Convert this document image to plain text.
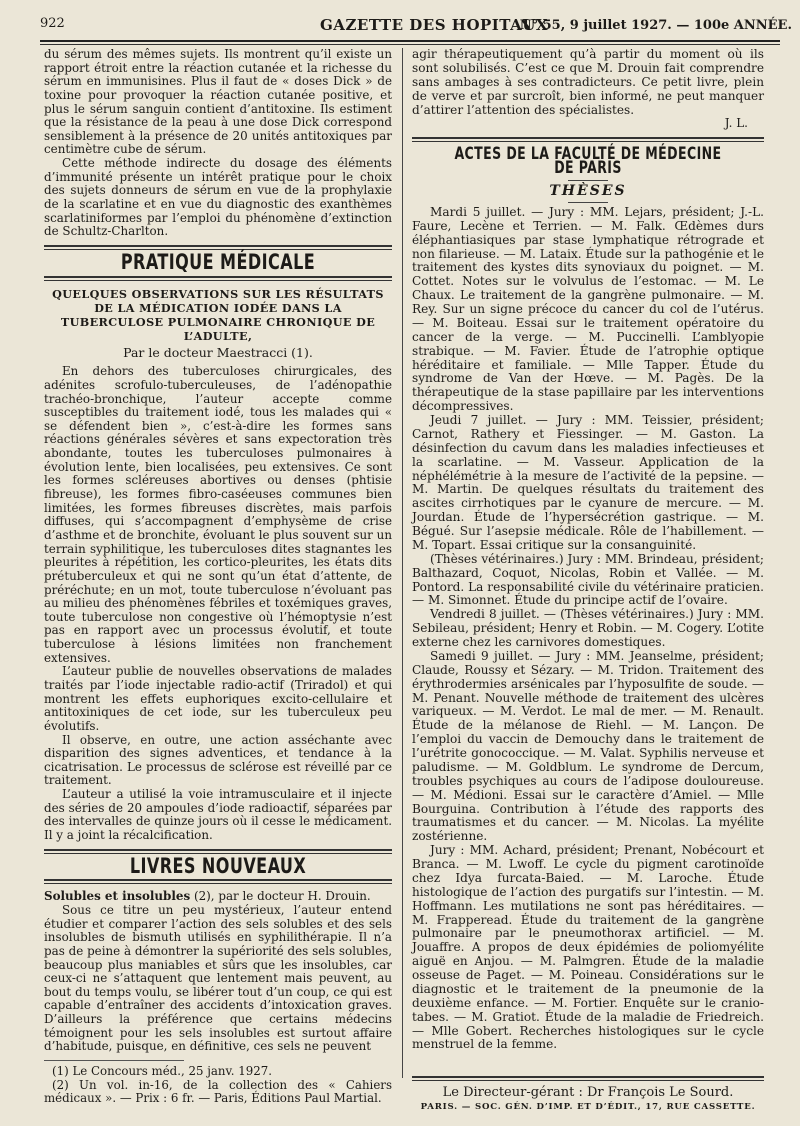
922	GAZETTE DES HOPITAUX
N° 55, 9 juillet 1927. — 100e ANNÉE.

du sérum des mêmes sujets. Ils montrent qu’il existe un rapport étroit entre la réaction cutanée et la richesse du sérum en immunisines. Plus il faut de « doses Dick » de toxine pour provoquer la réaction cutanée positive, et plus le sérum sanguin contient d’antitoxine. Ils estiment que la résistance de la peau à une dose Dick correspond sensiblement à la présence de 20 unités antitoxiques par centimètre cube de sérum.

Cette méthode indirecte du dosage des éléments d’immunité présente un intérêt pratique pour le choix des sujets donneurs de sérum en vue de la prophylaxie de la scarlatine et en vue du diagnostic des exanthèmes scarlatiniformes par l’emploi du phénomène d’extinction de Schultz-Charlton.

PRATIQUE MÉDICALE
QUELQUES OBSERVATIONS SUR LES RÉSULTATS DE LA MÉDICATION IODÉE DANS LA TUBERCULOSE PULMONAIRE CHRONIQUE DE L’ADULTE,
Par le docteur Maestracci (1).

En dehors des tuberculoses chirurgicales, des adénites scrofulo-tuberculeuses, de l’adénopathie trachéo-bronchique, l’auteur accepte comme susceptibles du traitement iodé, tous les malades qui « se défendent bien », c’est-à-dire les formes sans réactions générales sévères et sans expectoration très abondante, toutes les tuberculoses pulmonaires à évolution lente, bien localisées, peu extensives. Ce sont les formes scléreuses abortives ou denses (phtisie fibreuse), les formes fibro-caséeuses communes bien limitées, les formes fibreuses discrètes, mais parfois diffuses, qui s’accompagnent d’emphysème de crise d’asthme et de bronchite, évoluant le plus souvent sur un terrain syphilitique, les tuberculoses dites stagnantes les pleurites à répétition, les cortico-pleurites, les états dits prétuberculeux et qui ne sont qu’un état d’attente, de préréchute; en un mot, toute tuberculose n’évoluant pas au milieu des phénomènes fébriles et toxémiques graves, toute tuberculose non congestive où l’hémoptysie n’est pas en rapport avec un processus évolutif, et toute tuberculose à lésions limitées non franchement extensives.

L’auteur publie de nouvelles observations de malades traités par l’iode injectable radio-actif (Triradol) et qui montrent les effets euphoriques excito-cellulaire et antitoxiniques de cet iode, sur les tuberculeux peu évolutifs.

Il observe, en outre, une action asséchante avec disparition des signes adventices, et tendance à la cicatrisation. Le processus de sclérose est réveillé par ce traitement.

L’auteur a utilisé la voie intramusculaire et il injecte des séries de 20 ampoules d’iode radioactif, séparées par des intervalles de quinze jours où il cesse le médicament. Il y a joint la récalcification.

LIVRES NOUVEAUX

Solubles et insolubles (2), par le docteur H. Drouin.

Sous ce titre un peu mystérieux, l’auteur entend étudier et comparer l’action des sels solubles et des sels insolubles de bismuth utilisés en syphilithérapie. Il n’a pas de peine à démontrer la supériorité des sels solubles, beaucoup plus maniables et sûrs que les insolubles, car ceux-ci ne s’attaquent que lentement mais peuvent, au bout du temps voulu, se libérer tout d’un coup, ce qui est capable d’entraîner des accidents d’intoxication graves. D’ailleurs la préférence que certains médecins témoignent pour les sels insolubles est surtout affaire d’habitude, puisque, en définitive, ces sels ne peuvent

(1) Le Concours méd., 25 janv. 1927.

(2) Un vol. in-16, de la collection des « Cahiers médicaux ». — Prix : 6 fr. — Paris, Éditions Paul Martial.

agir thérapeutiquement qu’à partir du moment où ils sont solubilisés. C’est ce que M. Drouin fait comprendre sans ambages à ses contradicteurs. Ce petit livre, plein de verve et par surcroît, bien informé, ne peut manquer d’attirer l’attention des spécialistes.

J. L.
ACTES DE LA FACULTÉ DE MÉDECINE DE PARIS
THÈSES

Mardi 5 juillet. — Jury : MM. Lejars, président; J.-L. Faure, Lecène et Terrien. — M. Falk. Œdèmes durs éléphantiasiques par stase lymphatique rétrograde et non filarieuse. — M. Lataix. Étude sur la pathogénie et le traitement des kystes dits synoviaux du poignet. — M. Cottet. Notes sur le volvulus de l’estomac. — M. Le Chaux. Le traitement de la gangrène pulmonaire. — M. Rey. Sur un signe précoce du cancer du col de l’utérus. — M. Boiteau. Essai sur le traitement opératoire du cancer de la verge. — M. Puccinelli. L’amblyopie strabique. — M. Favier. Étude de l’atrophie optique héréditaire et familiale. — Mlle Tapper. Étude du syndrome de Van der Hœve. — M. Pagès. De la thérapeutique de la stase papillaire par les interventions décompressives.

Jeudi 7 juillet. — Jury : MM. Teissier, président; Carnot, Rathery et Fiessinger. — M. Gaston. La désinfection du cavum dans les maladies infectieuses et la scarlatine. — M. Vasseur. Application de la néphélémétrie à la mesure de l’activité de la pepsine. — M. Martin. De quelques résultats du traitement des ascites cirrhotiques par le cyanure de mercure. — M. Jourdan. Étude de l’hypersécrétion gastrique. — M. Bégué. Sur l’asepsie médicale. Rôle de l’habillement. — M. Topart. Essai critique sur la consanguinité.

(Thèses vétérinaires.) Jury : MM. Brindeau, président; Balthazard, Coquot, Nicolas, Robin et Vallée. — M. Pontord. La responsabilité civile du vétérinaire praticien. — M. Simonnet. Étude du principe actif de l’ovaire.

Vendredi 8 juillet. — (Thèses vétérinaires.) Jury : MM. Sebileau, président; Henry et Robin. — M. Cogery. L’otite externe chez les carnivores domestiques.

Samedi 9 juillet. — Jury : MM. Jeanselme, président; Claude, Roussy et Sézary. — M. Tridon. Traitement des érythrodermies arsénicales par l’hyposulfite de soude. — M. Penant. Nouvelle méthode de traitement des ulcères variqueux. — M. Verdot. Le mal de mer. — M. Renault. Étude de la mélanose de Riehl. — M. Lançon. De l’emploi du vaccin de Demouchy dans le traitement de l’urétrite gonococcique. — M. Valat. Syphilis nerveuse et paludisme. — M. Goldblum. Le syndrome de Dercum, troubles psychiques au cours de l’adipose douloureuse. — M. Médioni. Essai sur le caractère d’Amiel. — Mlle Bourguina. Contribution à l’étude des rapports des traumatismes et du cancer. — M. Nicolas. La myélite zostérienne.

Jury : MM. Achard, président; Prenant, Nobécourt et Branca. — M. Lwoff. Le cycle du pigment carotinoïde chez Idya furcata-Baied. — M. Laroche. Étude histologique de l’action des purgatifs sur l’intestin. — M. Hoffmann. Les mutilations ne sont pas héréditaires. — M. Frapperead. Étude du traitement de la gangrène pulmonaire par le pneumothorax artificiel. — M. Jouaffre. A propos de deux épidémies de poliomyélite aiguë en Anjou. — M. Palmgren. Étude de la maladie osseuse de Paget. — M. Poineau. Considérations sur le diagnostic et le traitement de la pneumonie de la deuxième enfance. — M. Fortier. Enquête sur le cranio-tabes. — M. Gratiot. Étude de la maladie de Friedreich. — Mlle Gobert. Recherches histologiques sur le cycle menstruel de la femme.

Le Directeur-gérant : Dr François Le Sourd.
PARIS. — SOC. GÉN. D’IMP. ET D’ÉDIT., 17, RUE CASSETTE.
